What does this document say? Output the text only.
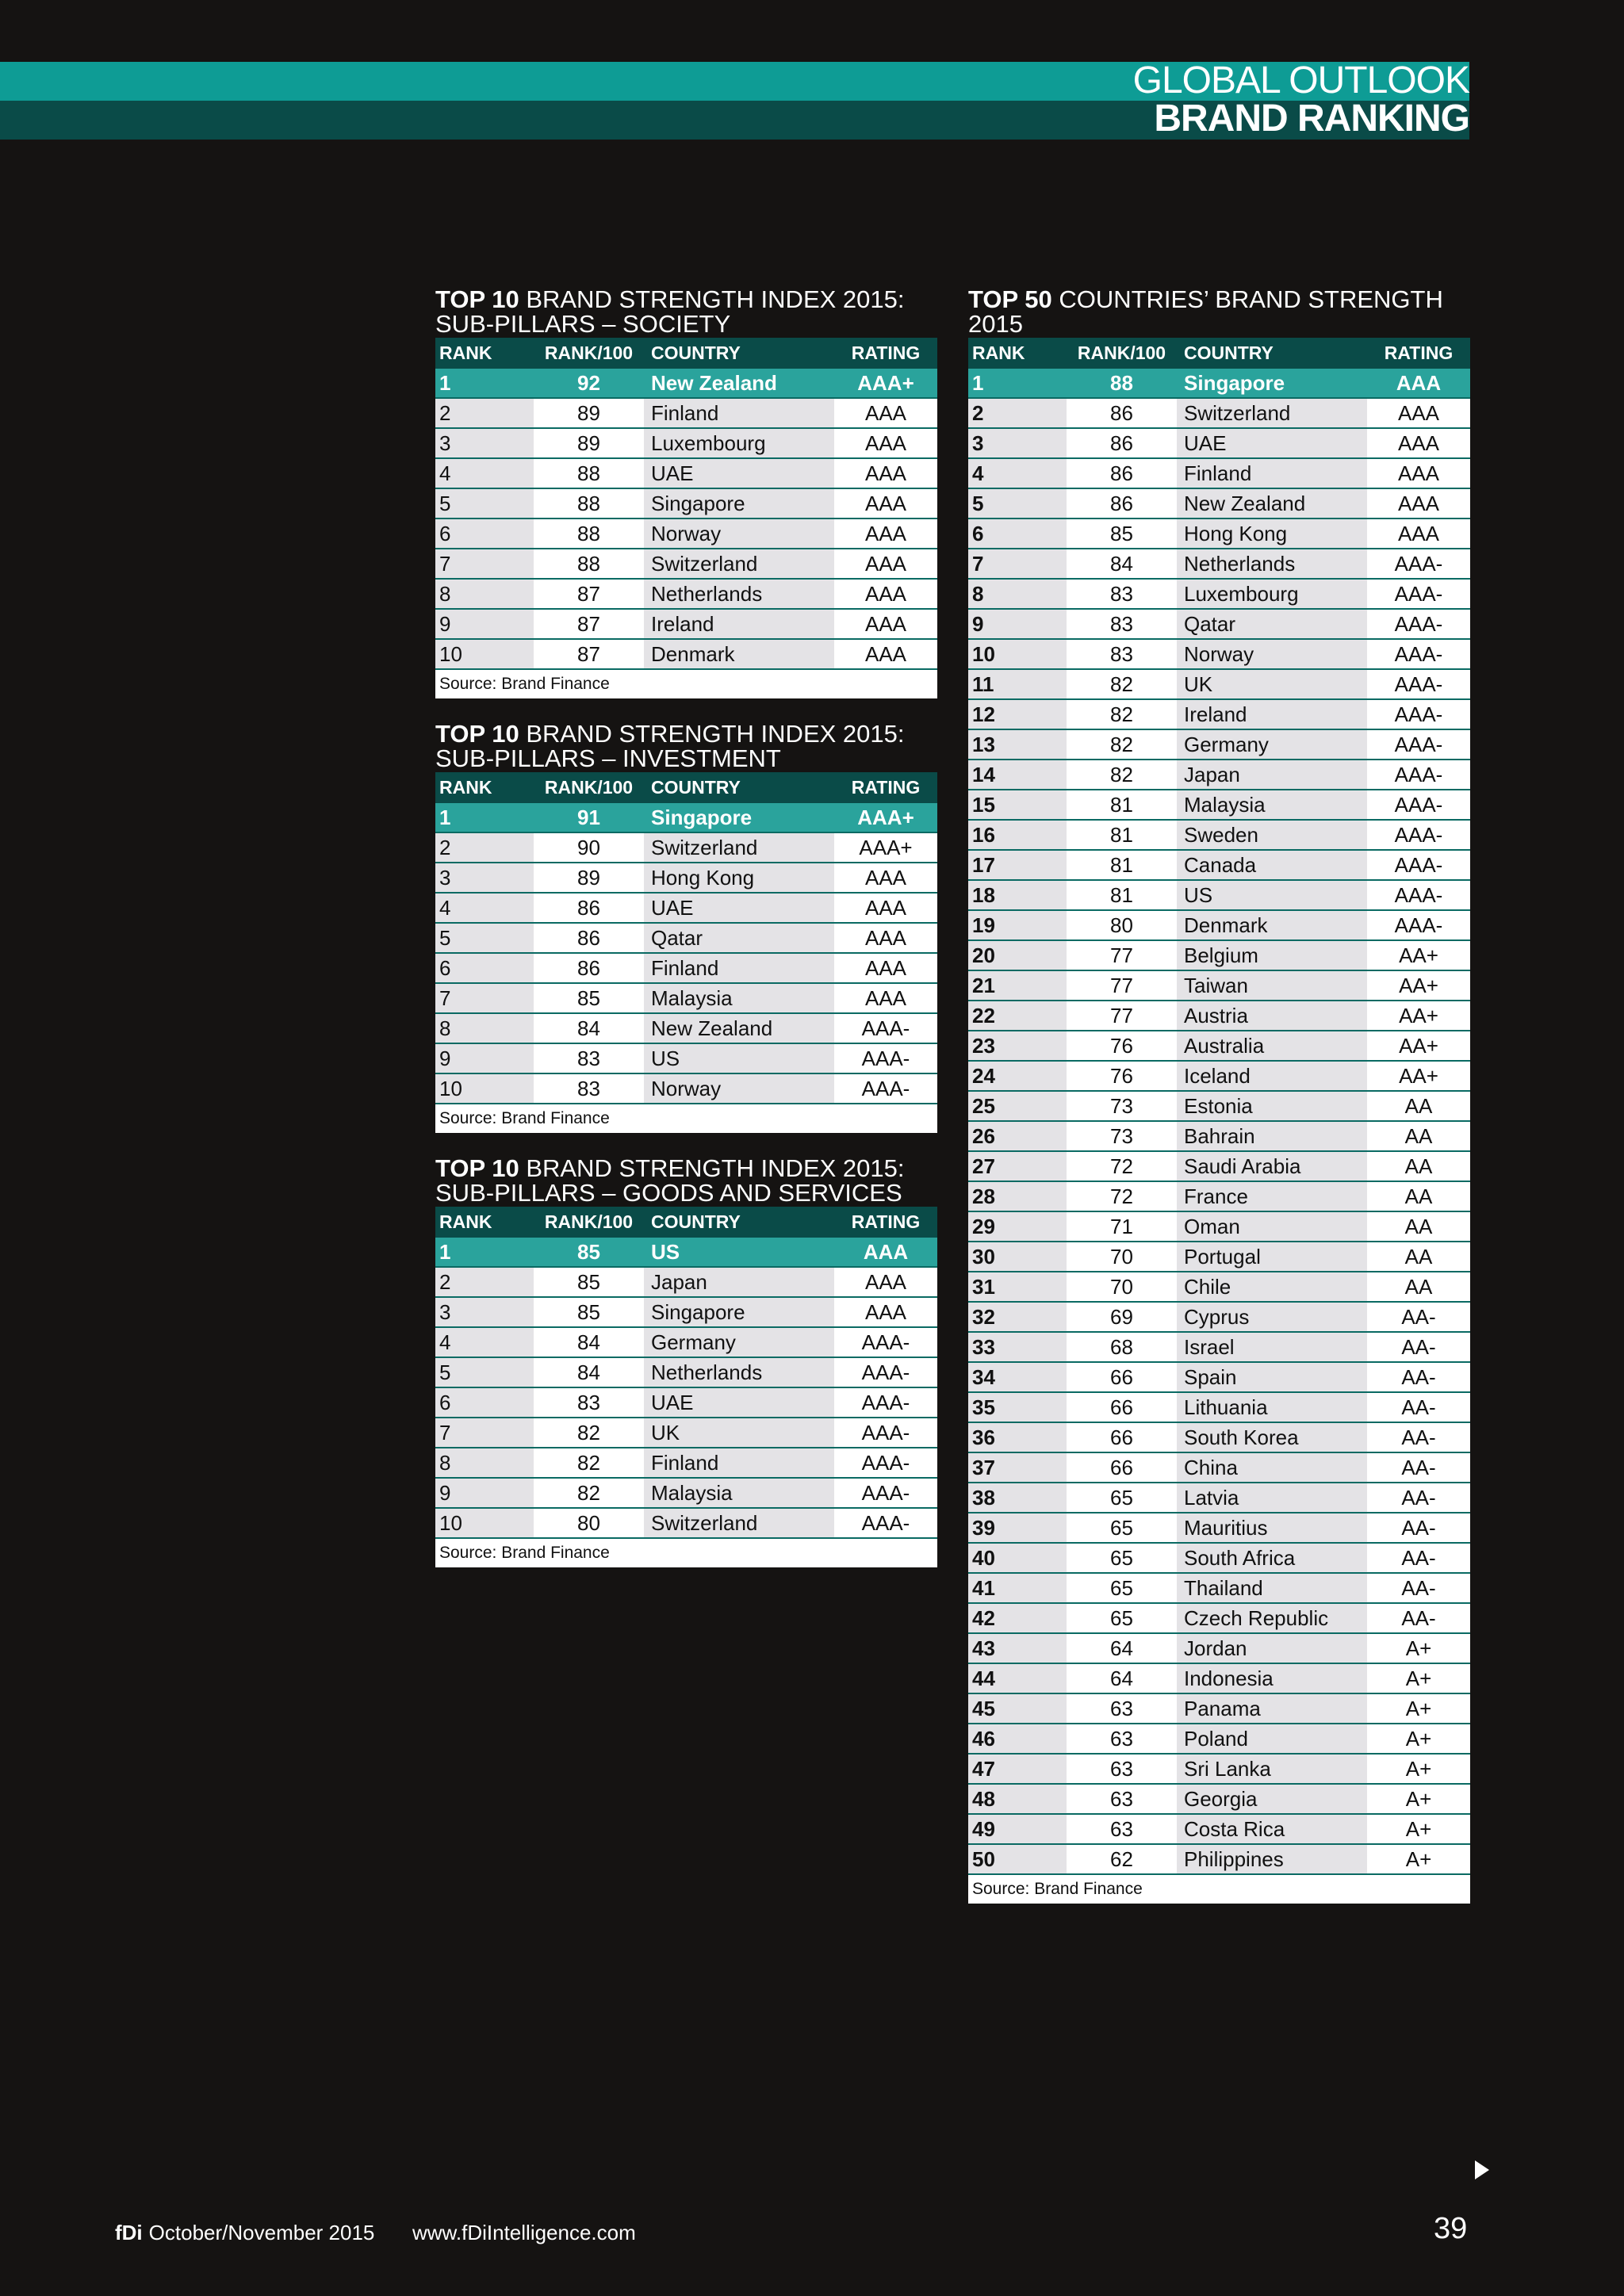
GLOBAL OUTLOOK
BRAND RANKING
TOP 10 BRAND STRENGTH INDEX 2015:
SUB-PILLARS – SOCIETY
RANK	RANK/100 COUNTRY	RATING
1	92	New Zealand	AAA+
2	89	Finland	AAA
3	89	Luxembourg	AAA
4	88	UAE	AAA
5	88	Singapore	AAA
6	88	Norway	AAA
7	88	Switzerland	AAA
8	87	Netherlands	AAA
9	87	Ireland	AAA
10	87	Denmark	AAA
Source: Brand Finance
TOP 10 BRAND STRENGTH INDEX 2015:
SUB-PILLARS – INVESTMENT
RANK	RANK/100 COUNTRY	RATING
1	91	Singapore	AAA+
2	90	Switzerland	AAA+
3	89	Hong Kong	AAA
4	86	UAE	AAA
5	86	Qatar	AAA
6	86	Finland	AAA
7	85	Malaysia	AAA
8	84	New Zealand	AAA-
9	83	US	AAA-
10	83	Norway	AAA-
Source: Brand Finance
TOP 10 BRAND STRENGTH INDEX 2015:
SUB-PILLARS – GOODS AND SERVICES
RANK	RANK/100 COUNTRY	RATING
1	85	US	AAA
2	85	Japan	AAA
3	85	Singapore	AAA
4	84	Germany	AAA-
5	84	Netherlands	AAA-
6	83	UAE	AAA-
7	82	UK	AAA-
8	82	Finland	AAA-
9	82	Malaysia	AAA-
10	80	Switzerland	AAA-
Source: Brand Finance
TOP 50 COUNTRIES’ BRAND STRENGTH
2015
RANK	RANK/100 COUNTRY	RATING
1	88	Singapore	AAA
2	86	Switzerland	AAA
3	86	UAE	AAA
4	86	Finland	AAA
5	86	New Zealand	AAA
6	85	Hong Kong	AAA
7	84	Netherlands	AAA-
8	83	Luxembourg	AAA-
9	83	Qatar	AAA-
10	83	Norway	AAA-
11	82	UK	AAA-
12	82	Ireland	AAA-
13	82	Germany	AAA-
14	82	Japan	AAA-
15	81	Malaysia	AAA-
16	81	Sweden	AAA-
17	81	Canada	AAA-
18	81	US	AAA-
19	80	Denmark	AAA-
20	77	Belgium	AA+
21	77	Taiwan	AA+
22	77	Austria	AA+
23	76	Australia	AA+
24	76	Iceland	AA+
25	73	Estonia	AA
26	73	Bahrain	AA
27	72	Saudi Arabia	AA
28	72	France	AA
29	71	Oman	AA
30	70	Portugal	AA
31	70	Chile	AA
32	69	Cyprus	AA-
33	68	Israel	AA-
34	66	Spain	AA-
35	66	Lithuania	AA-
36	66	South Korea	AA-
37	66	China	AA-
38	65	Latvia	AA-
39	65	Mauritius	AA-
40	65	South Africa	AA-
41	65	Thailand	AA-
42	65	Czech Republic	AA-
43	64	Jordan	A+
44	64	Indonesia	A+
45	63	Panama	A+
46	63	Poland	A+
47	63	Sri Lanka	A+
48	63	Georgia	A+
49	63	Costa Rica	A+
50	62	Philippines	A+
Source: Brand Finance
fDi October/November 2015 www.fDiIntelligence.com	39
